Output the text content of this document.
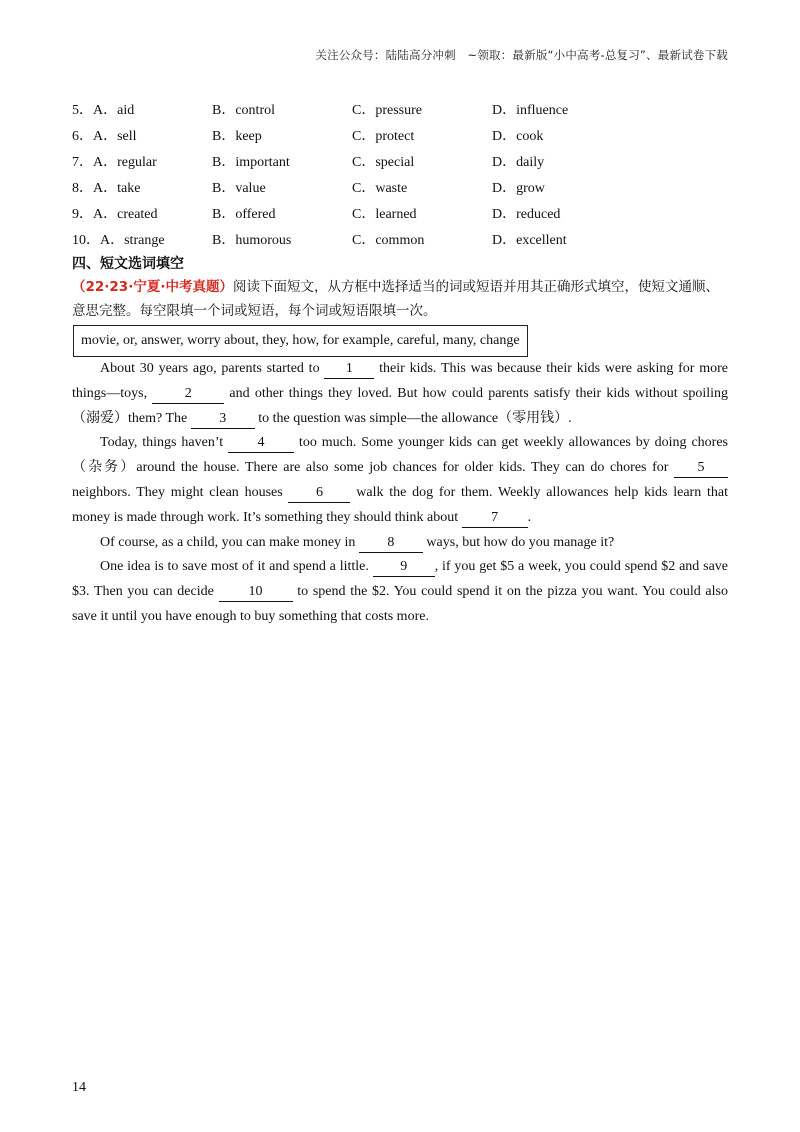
关注公众号：陆陆高分冲刺　~领取：最新版“小中高考-总复习”、最新试卷下载
5．A．aid	B．control	C．pressure	D．influence
6．A．sell	B．keep	C．protect	D．cook
7．A．regular	B．important	C．special	D．daily
8．A．take	B．value	C．waste	D．grow
9．A．created	B．offered	C．learned	D．reduced
10．A．strange	B．humorous	C．common	D．excellent
四、短文选词填空
（22·23·宁夏·中考真题）阅读下面短文，从方框中选择适当的词或短语并用其正确形式填空，使短文通顺、意思完整。每空限填一个词或短语，每个词或短语限填一次。
movie, or, answer, worry about, they, how, for example, careful, many, change

About 30 years ago, parents started to 1 their kids. This was because their kids were asking for more things—toys, 2 and other things they loved. But how could parents satisfy their kids without spoiling（溺爱）them? The 3 to the question was simple—the allowance（零用钱）.

Today, things haven’t 4 too much. Some younger kids can get weekly allowances by doing chores（杂务）around the house. There are also some job chances for older kids. They can do chores for 5 neighbors. They might clean houses 6 walk the dog for them. Weekly allowances help kids learn that money is made through work. It’s something they should think about 7 .

Of course, as a child, you can make money in 8 ways, but how do you manage it?

One idea is to save most of it and spend a little. 9 , if you get $5 a week, you could spend $2 and save $3. Then you can decide 10 to spend the $2. You could spend it on the pizza you want. You could also save it until you have enough to buy something that costs more.

14
